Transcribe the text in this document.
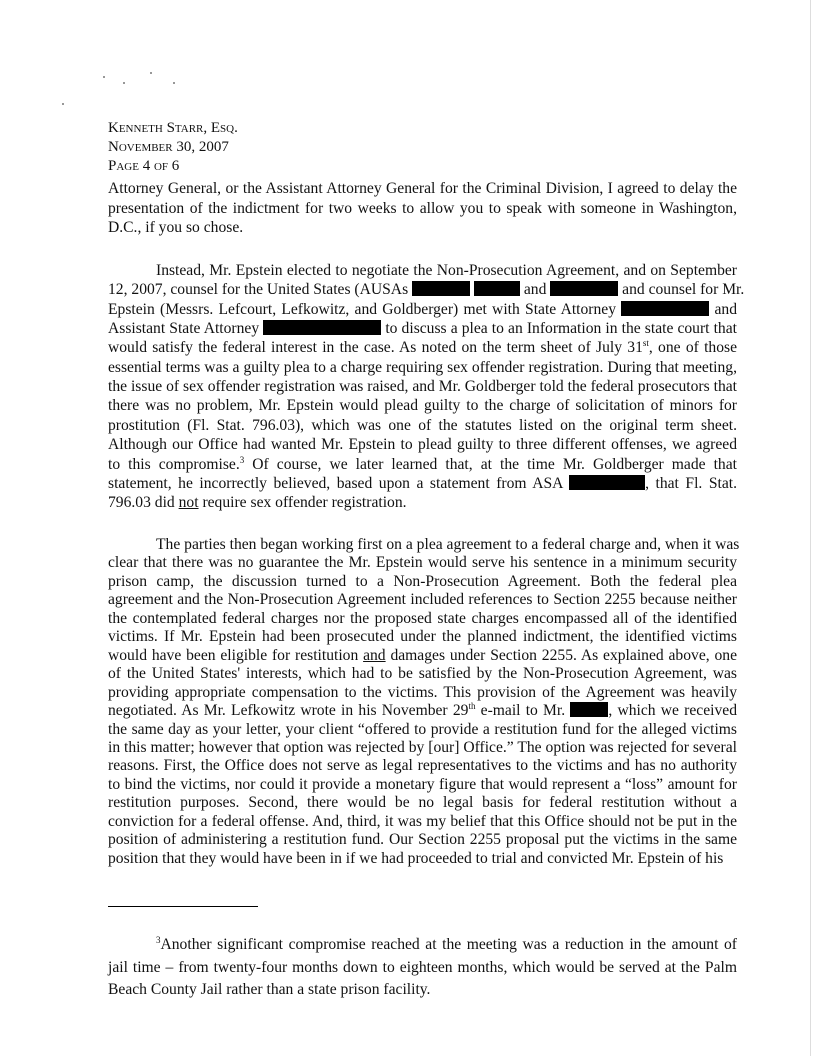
Kenneth Starr, Esq.
November 30, 2007
Page 4 of 6
Attorney General, or the Assistant Attorney General for the Criminal Division, I agreed to delay the
presentation of the indictment for two weeks to allow you to speak with someone in Washington,
D.C., if you so chose.
Instead, Mr. Epstein elected to negotiate the Non-Prosecution Agreement, and on September
12, 2007, counsel for the United States (AUSAs	and	and counsel for Mr.
Epstein (Messrs. Lefcourt, Lefkowitz, and Goldberger) met with State Attorney	and
Assistant State Attorney	to discuss a plea to an Information in the state court that
would satisfy the federal interest in the case. As noted on the term sheet of July 31st, one of those
essential terms was a guilty plea to a charge requiring sex offender registration. During that meeting,
the issue of sex offender registration was raised, and Mr. Goldberger told the federal prosecutors that
there was no problem, Mr. Epstein would plead guilty to the charge of solicitation of minors for
prostitution (Fl. Stat. 796.03), which was one of the statutes listed on the original term sheet.
Although our Office had wanted Mr. Epstein to plead guilty to three different offenses, we agreed
to this compromise.$^3$ Of course, we later learned that, at the time Mr. Goldberger made that
statement, he incorrectly believed, based upon a statement from ASA	, that Fl. Stat.
796.03 did not require sex offender registration.
The parties then began working first on a plea agreement to a federal charge and, when it was
clear that there was no guarantee the Mr. Epstein would serve his sentence in a minimum security
prison camp, the discussion turned to a Non-Prosecution Agreement. Both the federal plea
agreement and the Non-Prosecution Agreement included references to Section 2255 because neither
the contemplated federal charges nor the proposed state charges encompassed all of the identified
victims. If Mr. Epstein had been prosecuted under the planned indictment, the identified victims
would have been eligible for restitution and damages under Section 2255. As explained above, one
of the United States' interests, which had to be satisfied by the Non-Prosecution Agreement, was
providing appropriate compensation to the victims. This provision of the Agreement was heavily
negotiated. As Mr. Lefkowitz wrote in his November 29th e-mail to Mr. , which we received
the same day as your letter, your client “offered to provide a restitution fund for the alleged victims
in this matter; however that option was rejected by [our] Office.” The option was rejected for several
reasons. First, the Office does not serve as legal representatives to the victims and has no authority
to bind the victims, nor could it provide a monetary figure that would represent a “loss” amount for
restitution purposes. Second, there would be no legal basis for federal restitution without a
conviction for a federal offense. And, third, it was my belief that this Office should not be put in the
position of administering a restitution fund. Our Section 2255 proposal put the victims in the same
position that they would have been in if we had proceeded to trial and convicted Mr. Epstein of his
$^3$Another significant compromise reached at the meeting was a reduction in the amount of
jail time – from twenty-four months down to eighteen months, which would be served at the Palm
Beach County Jail rather than a state prison facility.
